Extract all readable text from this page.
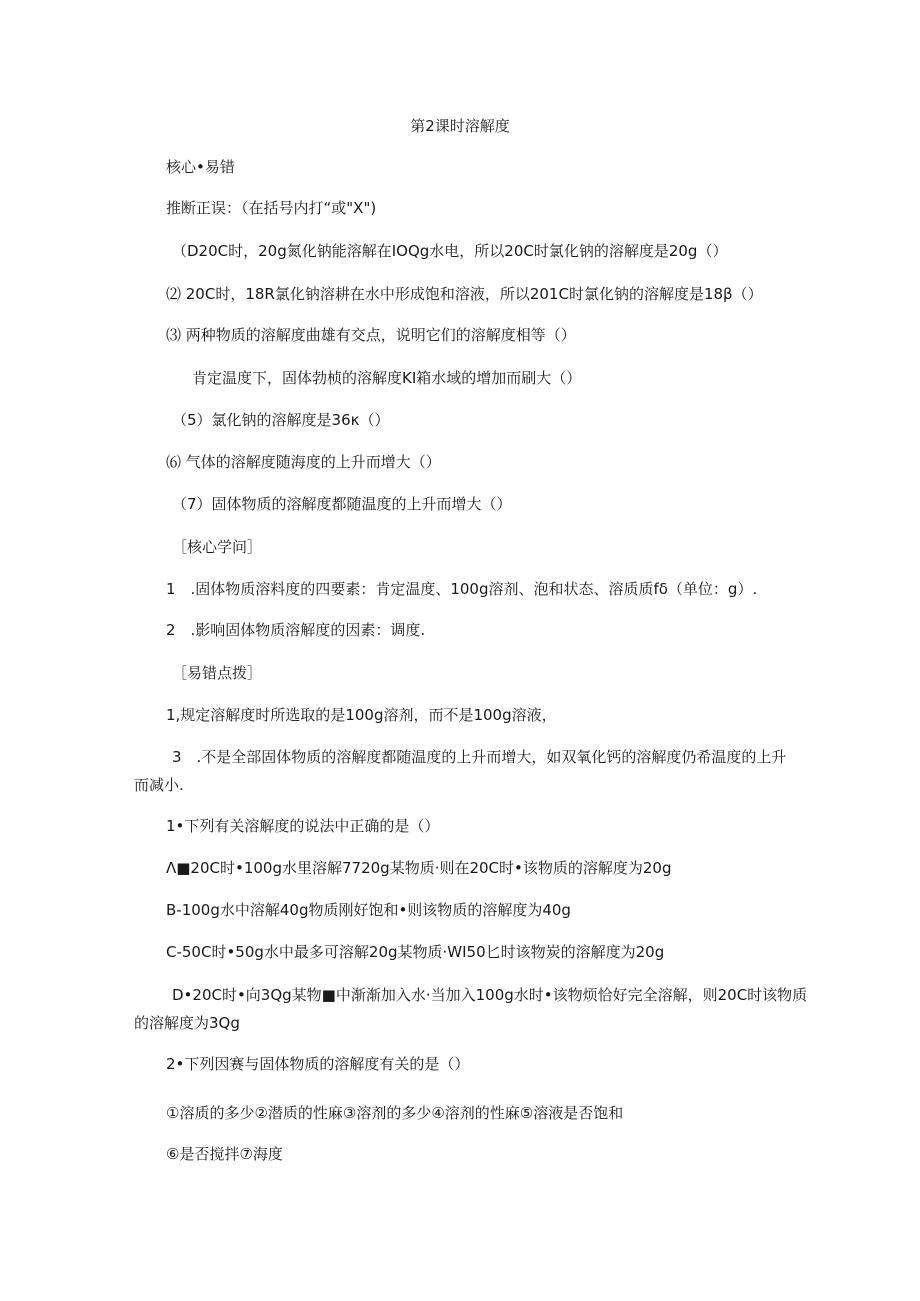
第2课时溶解度
核心•易错
推断正误：（在括号内打“或"X")
（D20C时，20g氮化钠能溶解在IOQg水电，所以20C时氯化钠的溶解度是20g（）
⑵ 20C时，18R氯化钠溶耕在水中形成饱和溶液，所以201C时氯化钠的溶解度是18β（）
⑶ 两种物质的溶解度曲雄有交点，说明它们的溶解度相等（）
肯定温度下，固体勃桢的溶解度KI箱水域的增加而刷大（）
（5）氯化钠的溶解度是36κ（）
⑹ 气体的溶解度随海度的上升而增大（）
（7）固体物质的溶解度都随温度的上升而增大（）
［核心学问］
1　.固体物质溶料度的四要素：肯定温度、100g溶剂、泡和状态、溶质质fδ（单位：g）.
2　.影响固体物质溶解度的因素：调度.
［易错点拨］
1,规定溶解度时所选取的是100g溶剂，而不是100g溶液，
3　.不是全部固体物质的溶解度都随温度的上升而增大，如双氧化钙的溶解度仍希温度的上升
而减小.
1•下列有关溶解度的说法中正确的是（）
Λ■20C时•100g水里溶解7720g某物质·则在20C时•该物质的溶解度为20g
B-100g水中溶解40g物质刚好饱和•则该物质的溶解度为40g
C-50C时•50g水中最多可溶解20g某物质·WI50匕时该物炭的溶解度为20g
D•20C时•向3Qg某物■中渐渐加入水·当加入100g水时•该物烦恰好完全溶解，则20C时该物质
的溶解度为3Qg
2•下列因赛与固体物质的溶解度有关的是（）
①溶质的多少②潜质的性麻③溶剂的多少④溶剂的性麻⑤溶液是否饱和
⑥是否搅拌⑦海度
